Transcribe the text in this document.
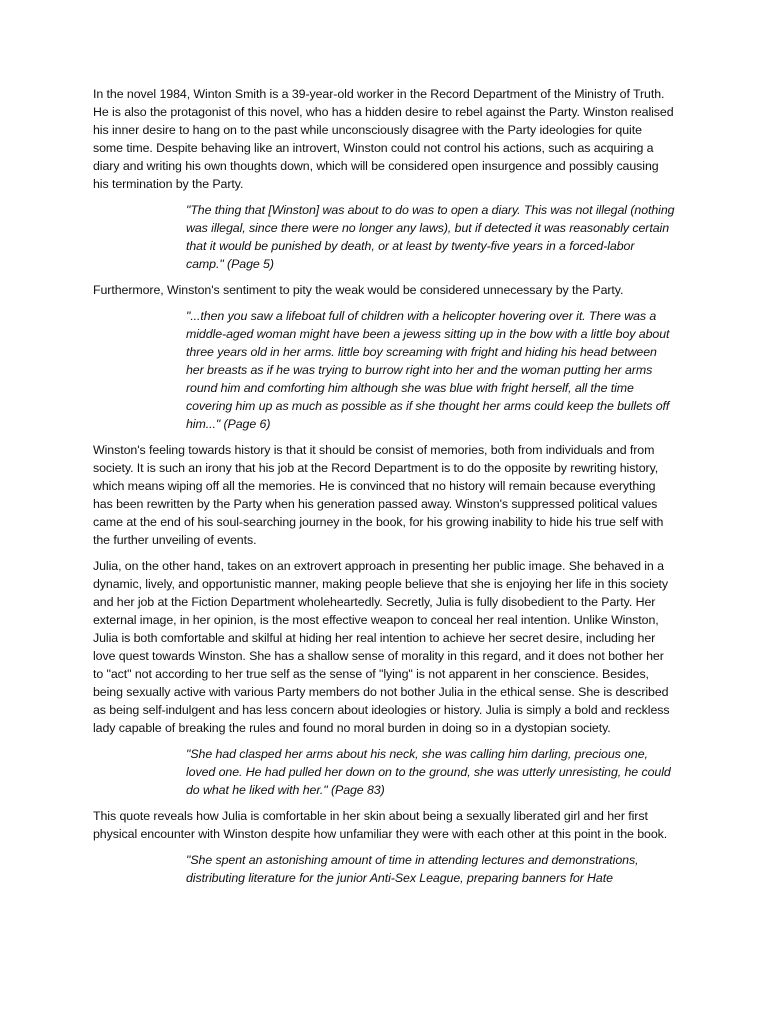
In the novel 1984, Winton Smith is a 39-year-old worker in the Record Department of the Ministry of Truth. He is also the protagonist of this novel, who has a hidden desire to rebel against the Party. Winston realised his inner desire to hang on to the past while unconsciously disagree with the Party ideologies for quite some time. Despite behaving like an introvert, Winston could not control his actions, such as acquiring a diary and writing his own thoughts down, which will be considered open insurgence and possibly causing his termination by the Party.

"The thing that [Winston] was about to do was to open a diary. This was not illegal (nothing was illegal, since there were no longer any laws), but if detected it was reasonably certain that it would be punished by death, or at least by twenty-five years in a forced-labor camp." (Page 5)

Furthermore, Winston's sentiment to pity the weak would be considered unnecessary by the Party.

"...then you saw a lifeboat full of children with a helicopter hovering over it. There was a middle-aged woman might have been a jewess sitting up in the bow with a little boy about three years old in her arms. little boy screaming with fright and hiding his head between her breasts as if he was trying to burrow right into her and the woman putting her arms round him and comforting him although she was blue with fright herself, all the time covering him up as much as possible as if she thought her arms could keep the bullets off him..." (Page 6)

Winston's feeling towards history is that it should be consist of memories, both from individuals and from society. It is such an irony that his job at the Record Department is to do the opposite by rewriting history, which means wiping off all the memories. He is convinced that no history will remain because everything has been rewritten by the Party when his generation passed away. Winston's suppressed political values came at the end of his soul-searching journey in the book, for his growing inability to hide his true self with the further unveiling of events.

Julia, on the other hand, takes on an extrovert approach in presenting her public image. She behaved in a dynamic, lively, and opportunistic manner, making people believe that she is enjoying her life in this society and her job at the Fiction Department wholeheartedly. Secretly, Julia is fully disobedient to the Party. Her external image, in her opinion, is the most effective weapon to conceal her real intention. Unlike Winston, Julia is both comfortable and skilful at hiding her real intention to achieve her secret desire, including her love quest towards Winston. She has a shallow sense of morality in this regard, and it does not bother her to "act" not according to her true self as the sense of "lying" is not apparent in her conscience. Besides, being sexually active with various Party members do not bother Julia in the ethical sense. She is described as being self-indulgent and has less concern about ideologies or history. Julia is simply a bold and reckless lady capable of breaking the rules and found no moral burden in doing so in a dystopian society.

"She had clasped her arms about his neck, she was calling him darling, precious one, loved one. He had pulled her down on to the ground, she was utterly unresisting, he could do what he liked with her." (Page 83)

This quote reveals how Julia is comfortable in her skin about being a sexually liberated girl and her first physical encounter with Winston despite how unfamiliar they were with each other at this point in the book.

"She spent an astonishing amount of time in attending lectures and demonstrations, distributing literature for the junior Anti-Sex League, preparing banners for Hate
